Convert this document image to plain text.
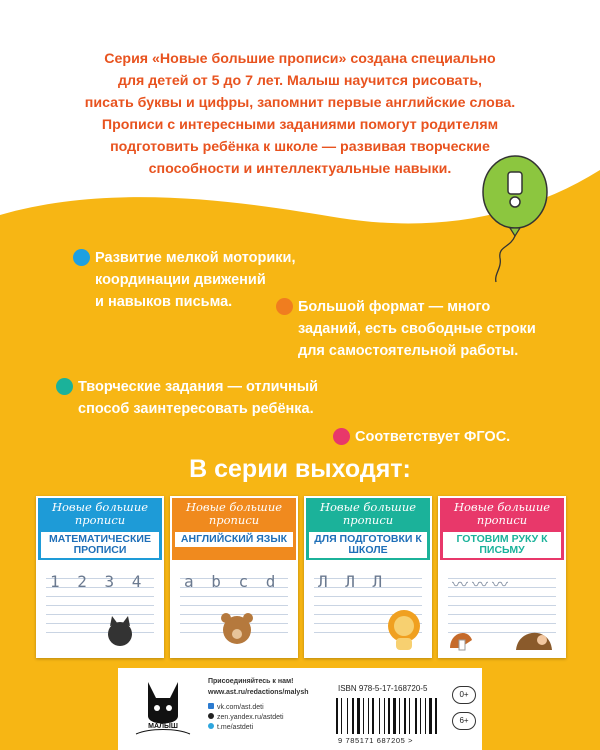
Серия «Новые большие прописи» создана специально
для детей от 5 до 7 лет. Малыш научится рисовать,
писать буквы и цифры, запомнит первые английские слова.
Прописи с интересными заданиями помогут родителям
подготовить ребёнка к школе — развивая творческие
способности и интеллектуальные навыки.
Развитие мелкой моторики,
координации движений
и навыков письма.	Большой формат — много
заданий, есть свободные строки
для самостоятельной работы.
Творческие задания — отличный
способ заинтересовать ребёнка.
Соответствует ФГОС.
В серии выходят:
Новые большие прописи
МАТЕМАТИЧЕСКИЕ ПРОПИСИ
1 2 3 4
Новые большие прописи
АНГЛИЙСКИЙ ЯЗЫК
a b c d
Новые большие прописи
ДЛЯ ПОДГОТОВКИ К ШКОЛЕ
Л Л Л
Новые большие прописи
ГОТОВИМ РУКУ К ПИСЬМУ
〰〰〰
МАЛЫШ
Присоединяйтесь к нам!
www.ast.ru/redactions/malysh
vk.com/ast.deti
zen.yandex.ru/astdeti
t.me/astdeti
ISBN 978-5-17-168720-5
9 785171 687205 >
0+
6+
